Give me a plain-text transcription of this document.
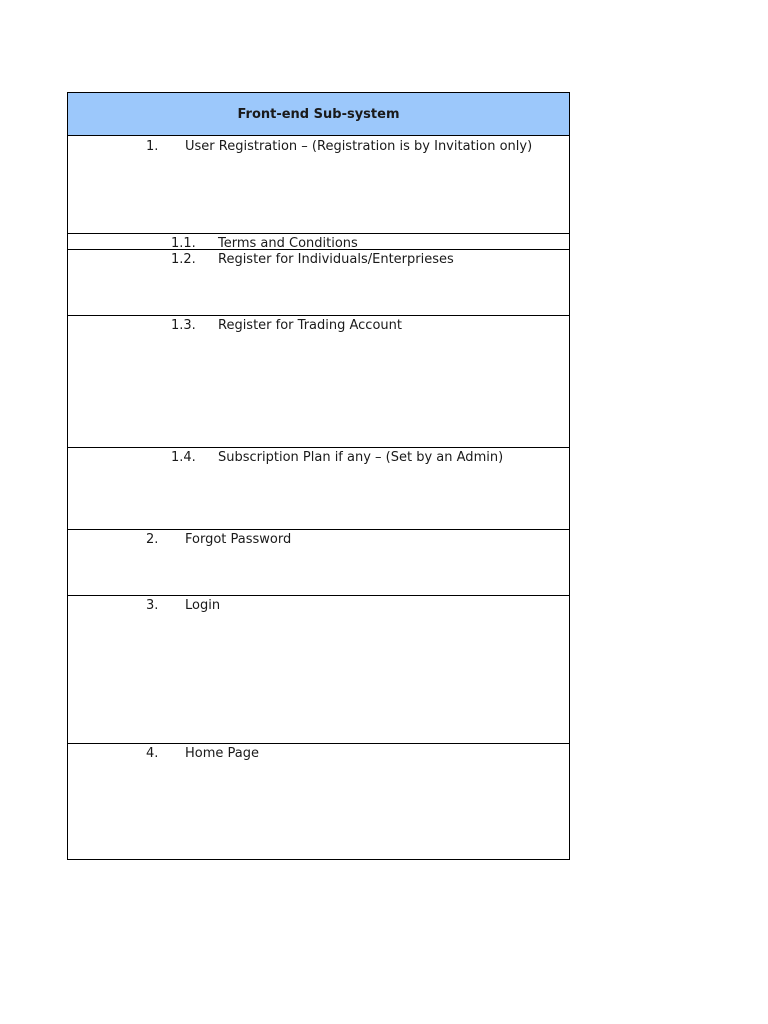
Front-end Sub-system
1.	User Registration – (Registration is by Invitation only)
1.1.	Terms and Conditions
1.2.	Register for Individuals/Enterprieses
1.3.	Register for Trading Account
1.4.	Subscription Plan if any – (Set by an Admin)
2.	Forgot Password
3.	Login
4.	Home Page
